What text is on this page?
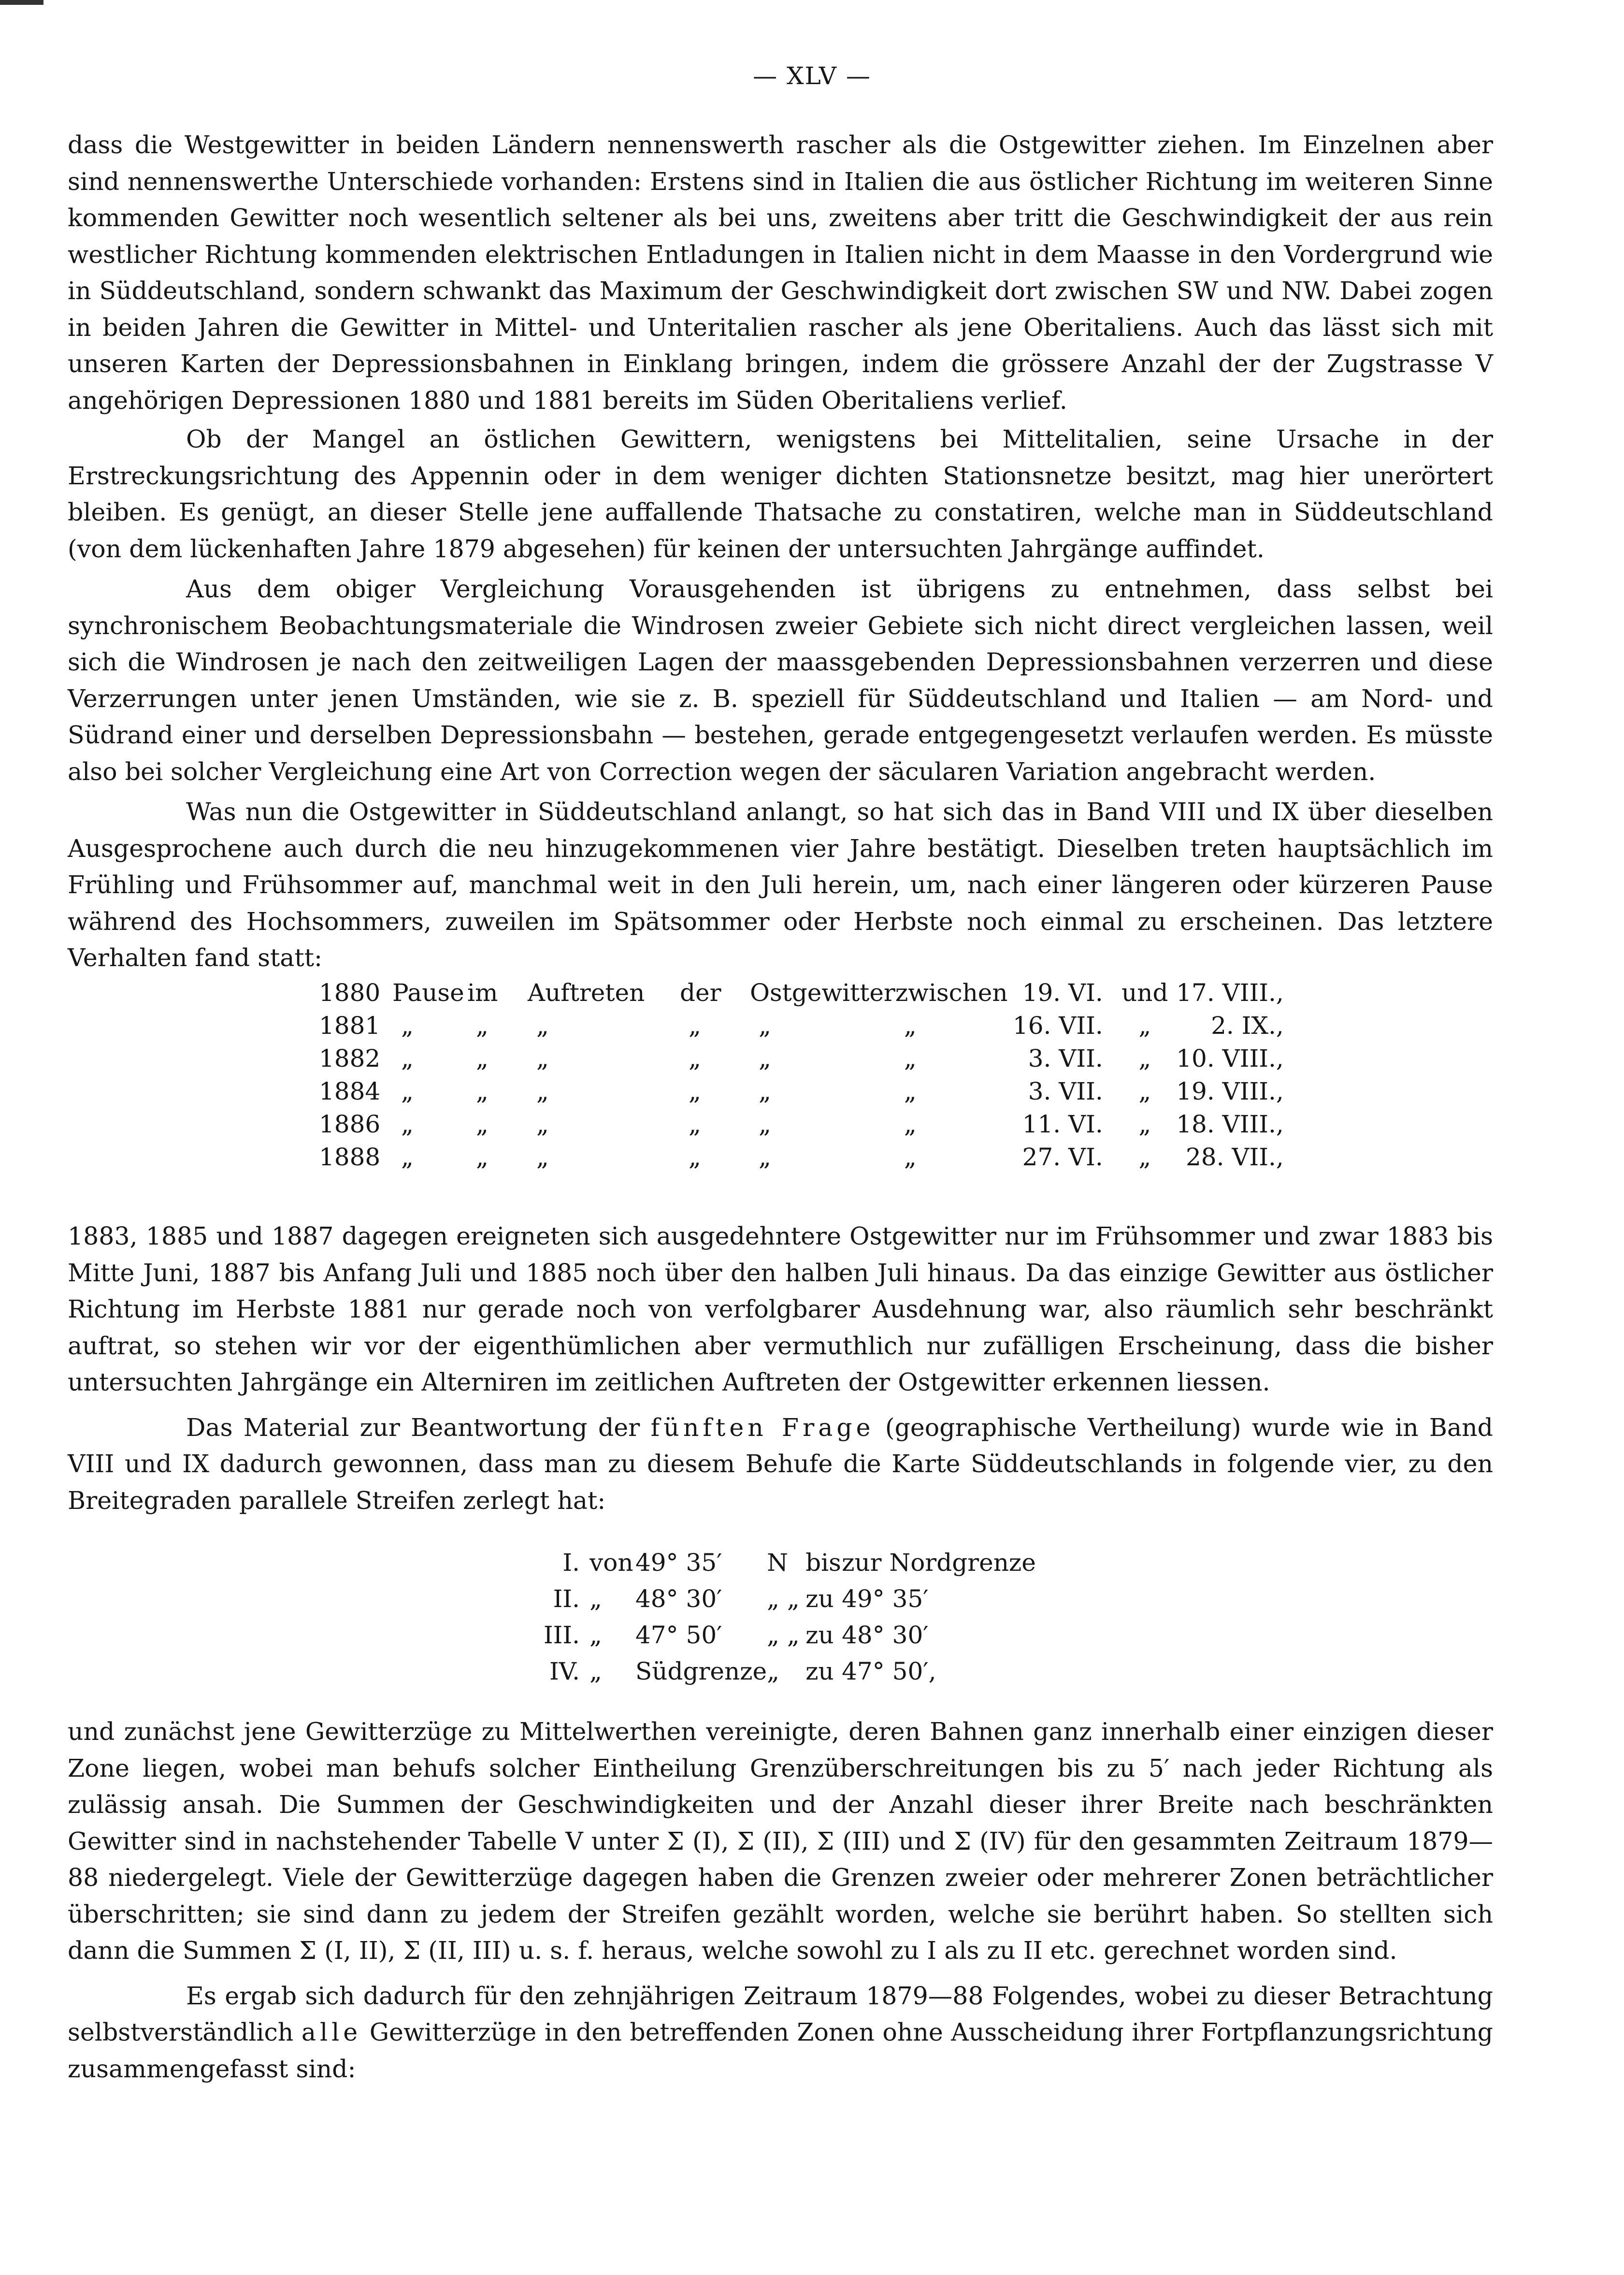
— XLV —

dass die Westgewitter in beiden Ländern nennenswerth rascher als die Ostgewitter ziehen. Im Einzelnen aber sind nennenswerthe Unterschiede vorhanden: Erstens sind in Italien die aus östlicher Richtung im weiteren Sinne kommenden Gewitter noch wesentlich seltener als bei uns, zweitens aber tritt die Geschwindigkeit der aus rein westlicher Richtung kommenden elektrischen Entladungen in Italien nicht in dem Maasse in den Vordergrund wie in Süddeutschland, sondern schwankt das Maximum der Geschwindigkeit dort zwischen SW und NW. Dabei zogen in beiden Jahren die Gewitter in Mittel- und Unteritalien rascher als jene Oberitaliens. Auch das lässt sich mit unseren Karten der Depressionsbahnen in Einklang bringen, indem die grössere Anzahl der der Zugstrasse V angehörigen Depressionen 1880 und 1881 bereits im Süden Oberitaliens verlief.

Ob der Mangel an östlichen Gewittern, wenigstens bei Mittelitalien, seine Ursache in der Erstreckungsrichtung des Appennin oder in dem weniger dichten Stationsnetze besitzt, mag hier unerörtert bleiben. Es genügt, an dieser Stelle jene auffallende Thatsache zu constatiren, welche man in Süddeutschland (von dem lückenhaften Jahre 1879 abgesehen) für keinen der untersuchten Jahrgänge auffindet.

Aus dem obiger Vergleichung Vorausgehenden ist übrigens zu entnehmen, dass selbst bei synchronischem Beobachtungsmateriale die Windrosen zweier Gebiete sich nicht direct vergleichen lassen, weil sich die Windrosen je nach den zeitweiligen Lagen der maassgebenden Depressionsbahnen verzerren und diese Verzerrungen unter jenen Umständen, wie sie z. B. speziell für Süddeutschland und Italien — am Nord- und Südrand einer und derselben Depressionsbahn — bestehen, gerade entgegengesetzt verlaufen werden. Es müsste also bei solcher Vergleichung eine Art von Correction wegen der säcularen Variation angebracht werden.

Was nun die Ostgewitter in Süddeutschland anlangt, so hat sich das in Band VIII und IX über dieselben Ausgesprochene auch durch die neu hinzugekommenen vier Jahre bestätigt. Dieselben treten hauptsächlich im Frühling und Frühsommer auf, manchmal weit in den Juli herein, um, nach einer längeren oder kürzeren Pause während des Hochsommers, zuweilen im Spätsommer oder Herbste noch einmal zu erscheinen. Das letztere Verhalten fand statt:

1880	Pause	im	Auftreten	der	Ostgewitter	zwischen	19. VI.	und	17. VIII.,
1881	„	„	„	„	„	„	16. VII.	„	2. IX.,
1882	„	„	„	„	„	„	3. VII.	„	10. VIII.,
1884	„	„	„	„	„	„	3. VII.	„	19. VIII.,
1886	„	„	„	„	„	„	11. VI.	„	18. VIII.,
1888	„	„	„	„	„	„	27. VI.	„	28. VII.,

1883, 1885 und 1887 dagegen ereigneten sich ausgedehntere Ostgewitter nur im Frühsommer und zwar 1883 bis Mitte Juni, 1887 bis Anfang Juli und 1885 noch über den halben Juli hinaus. Da das einzige Gewitter aus östlicher Richtung im Herbste 1881 nur gerade noch von verfolgbarer Ausdehnung war, also räumlich sehr beschränkt auftrat, so stehen wir vor der eigenthümlichen aber vermuthlich nur zufälligen Erscheinung, dass die bisher untersuchten Jahrgänge ein Alterniren im zeitlichen Auftreten der Ostgewitter erkennen liessen.

Das Material zur Beantwortung der fünften Frage (geographische Vertheilung) wurde wie in Band VIII und IX dadurch gewonnen, dass man zu diesem Behufe die Karte Süddeutschlands in folgende vier, zu den Breitegraden parallele Streifen zerlegt hat:

I.	von	49° 35′	N	bis	zur Nordgrenze
II.	„	48° 30′	„ „	zu	49° 35′
III.	„	47° 50′	„ „	zu	48° 30′
IV.	„	Südgrenze	„	zu	47° 50′,

und zunächst jene Gewitterzüge zu Mittelwerthen vereinigte, deren Bahnen ganz innerhalb einer einzigen dieser Zone liegen, wobei man behufs solcher Eintheilung Grenzüberschreitungen bis zu 5′ nach jeder Richtung als zulässig ansah. Die Summen der Geschwindigkeiten und der Anzahl dieser ihrer Breite nach beschränkten Gewitter sind in nachstehender Tabelle V unter Σ (I), Σ (II), Σ (III) und Σ (IV) für den gesammten Zeitraum 1879—88 niedergelegt. Viele der Gewitterzüge dagegen haben die Grenzen zweier oder mehrerer Zonen beträchtlicher überschritten; sie sind dann zu jedem der Streifen gezählt worden, welche sie berührt haben. So stellten sich dann die Summen Σ (I, II), Σ (II, III) u. s. f. heraus, welche sowohl zu I als zu II etc. gerechnet worden sind.

Es ergab sich dadurch für den zehnjährigen Zeitraum 1879—88 Folgendes, wobei zu dieser Betrachtung selbstverständlich alle Gewitterzüge in den betreffenden Zonen ohne Ausscheidung ihrer Fortpflanzungsrichtung zusammengefasst sind:
